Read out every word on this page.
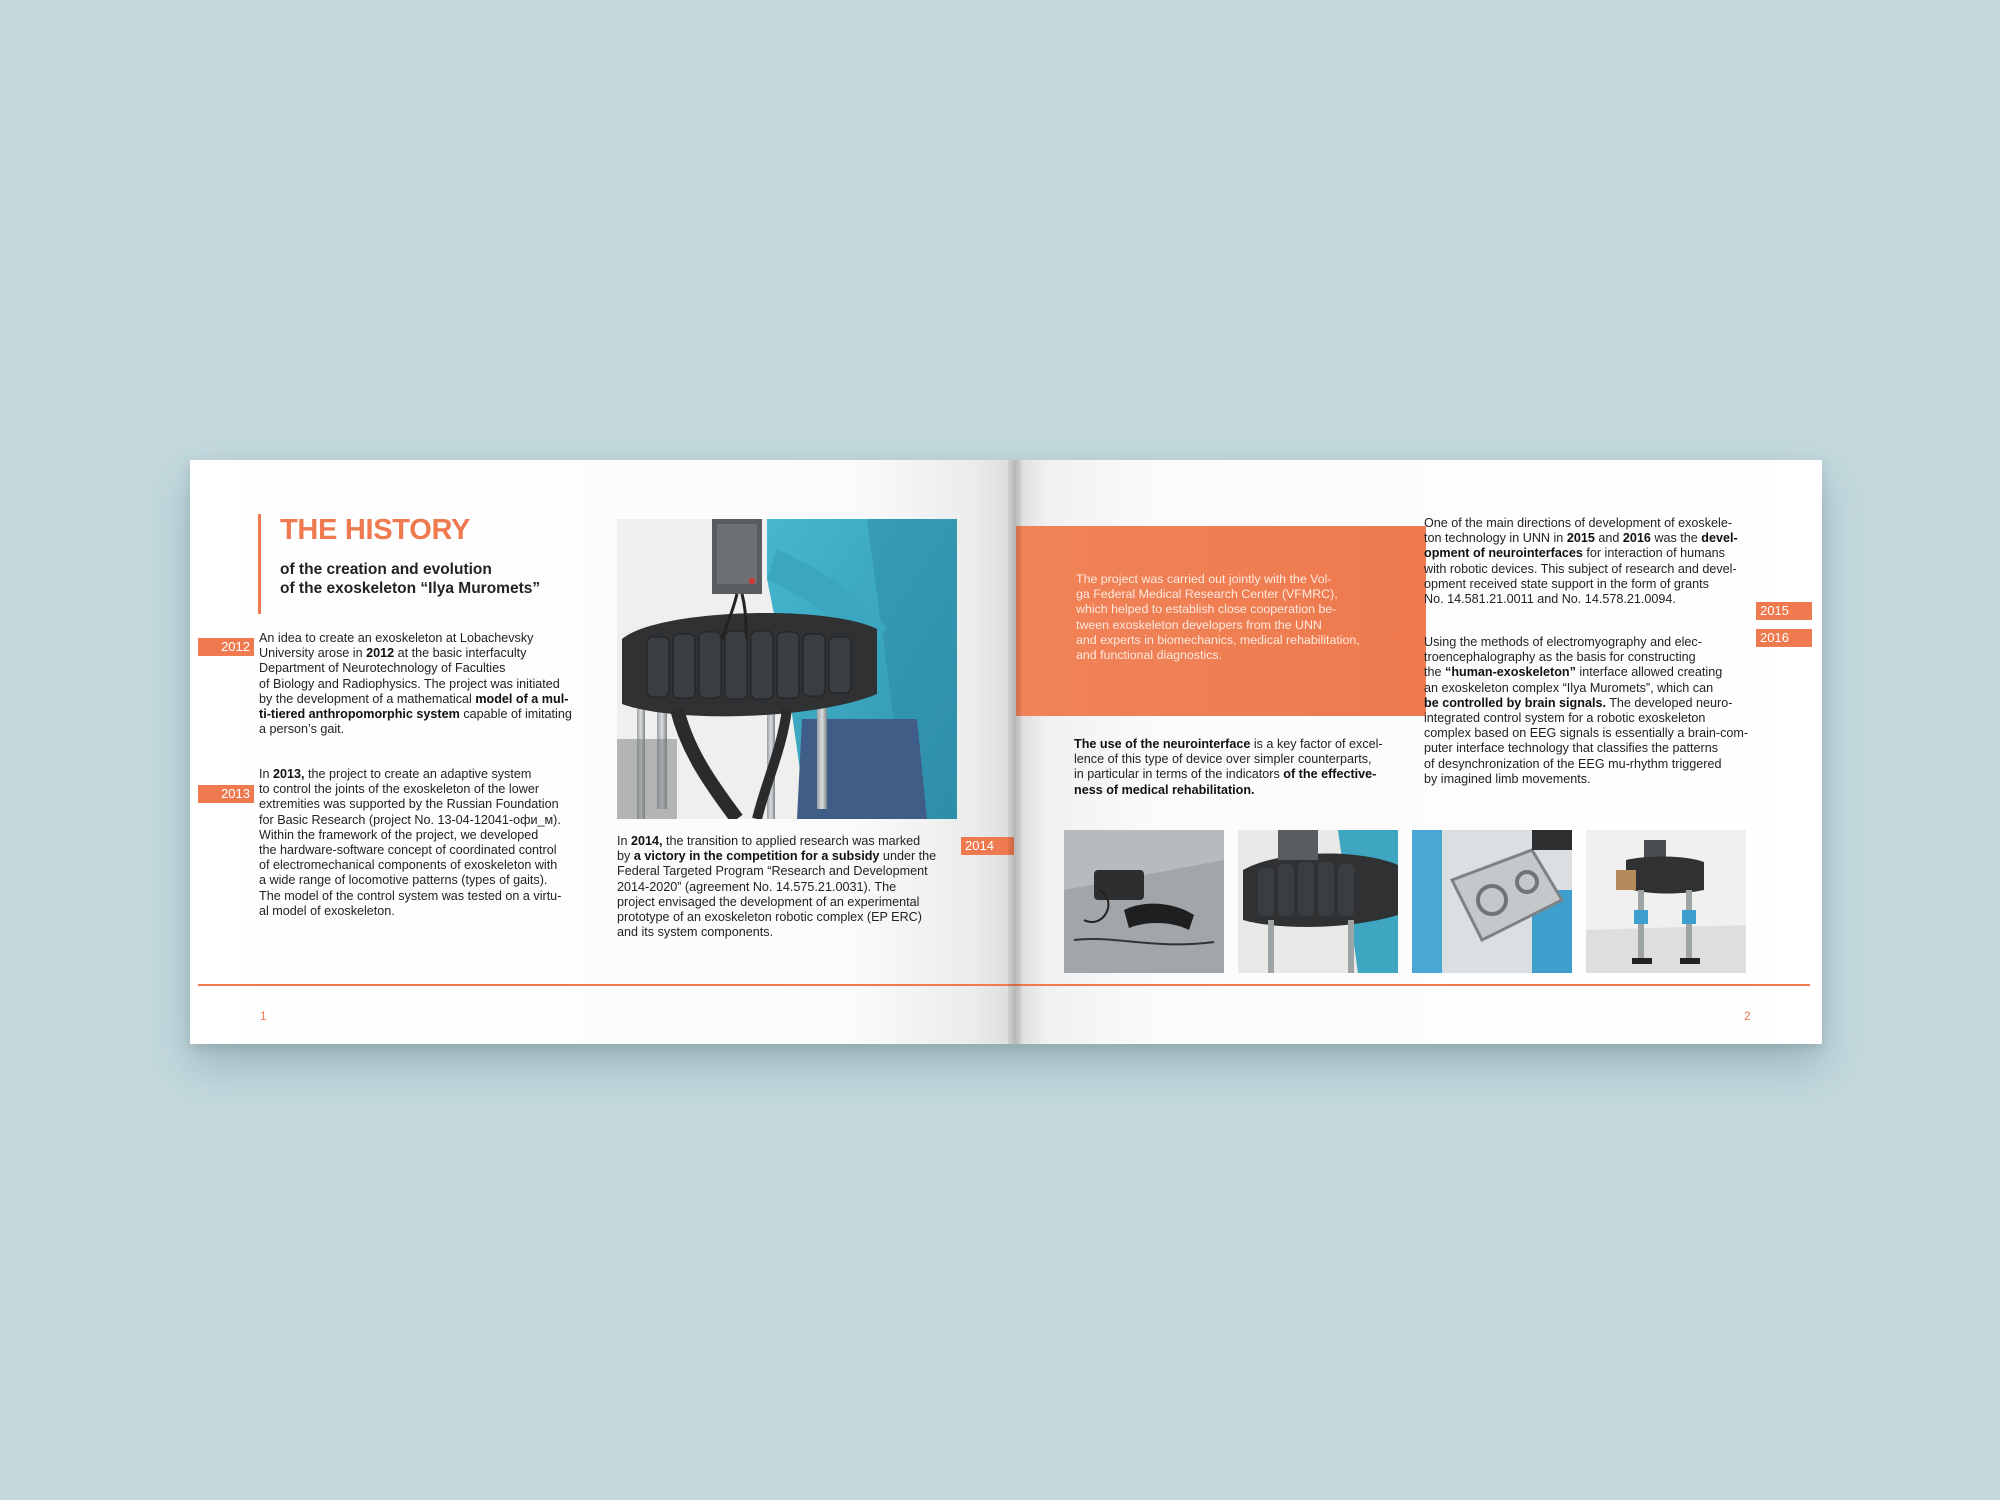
THE HISTORY
of the creation and evolution
of the exoskeleton “Ilya Muromets”
2012
An idea to create an exoskeleton at Lobachevsky
University arose in 2012 at the basic interfaculty
Department of Neurotechnology of Faculties
of Biology and Radiophysics. The project was initiated
by the development of a mathematical model of a mul-
ti-tiered anthropomorphic system capable of imitating
a person’s gait.
2013
In 2013, the project to create an adaptive system
to control the joints of the exoskeleton of the lower
extremities was supported by the Russian Foundation
for Basic Research (project No. 13-04-12041-офи_м).
Within the framework of the project, we developed
the hardware-software concept of coordinated control
of electromechanical components of exoskeleton with
a wide range of locomotive patterns (types of gaits).
The model of the control system was tested on a virtu-
al model of exoskeleton.
2014
In 2014, the transition to applied research was marked
by a victory in the competition for a subsidy under the
Federal Targeted Program “Research and Development
2014-2020” (agreement No. 14.575.21.0031). The
project envisaged the development of an experimental
prototype of an exoskeleton robotic complex (EP ERC)
and its system components.
1
The project was carried out jointly with the Vol-
ga Federal Medical Research Center (VFMRC),
which helped to establish close cooperation be-
tween exoskeleton developers from the UNN
and experts in biomechanics, medical rehabilitation,
and functional diagnostics.
The use of the neurointerface is a key factor of excel-
lence of this type of device over simpler counterparts,
in particular in terms of the indicators of the effective-
ness of medical rehabilitation.
One of the main directions of development of exoskele-
ton technology in UNN in 2015 and 2016 was the devel-
opment of neurointerfaces for interaction of humans
with robotic devices. This subject of research and devel-
opment received state support in the form of grants
No. 14.581.21.0011 and No. 14.578.21.0094.
2015
2016
Using the methods of electromyography and elec-
troencephalography as the basis for constructing
the “human-exoskeleton” interface allowed creating
an exoskeleton complex “Ilya Muromets”, which can
be controlled by brain signals. The developed neuro-
integrated control system for a robotic exoskeleton
complex based on EEG signals is essentially a brain-com-
puter interface technology that classifies the patterns
of desynchronization of the EEG mu-rhythm triggered
by imagined limb movements.
2
